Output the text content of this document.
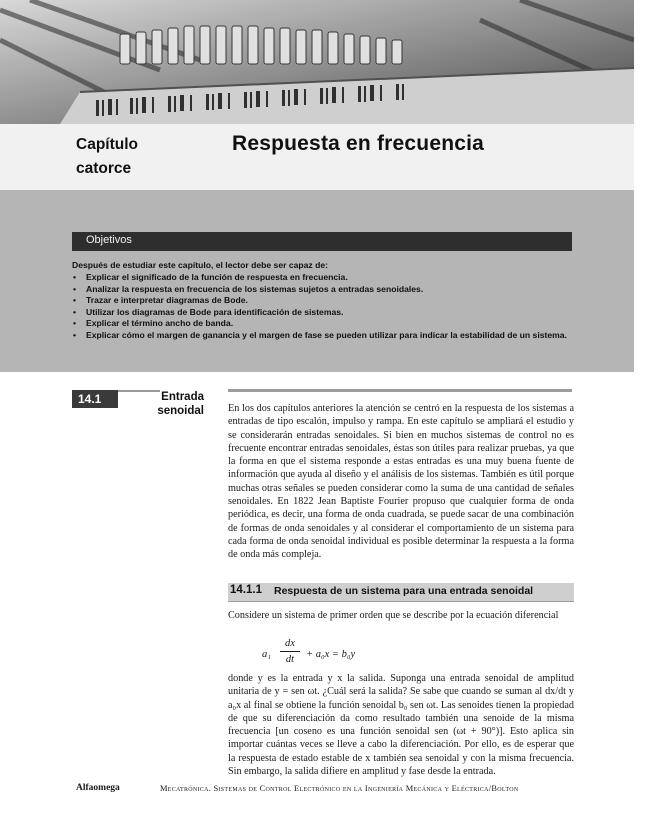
Capítulo
catorce
Respuesta en frecuencia
Objetivos
Después de estudiar este capítulo, el lector debe ser capaz de:
• Explicar el significado de la función de respuesta en frecuencia.
• Analizar la respuesta en frecuencia de los sistemas sujetos a entradas senoidales.
• Trazar e interpretar diagramas de Bode.
• Utilizar los diagramas de Bode para identificación de sistemas.
• Explicar el término ancho de banda.
• Explicar cómo el margen de ganancia y el margen de fase se pueden utilizar para indicar la estabilidad de un sistema.
14.1	Entrada
senoidal En los dos capítulos anteriores la atención se centró en la respuesta de los sistemas a entradas de tipo escalón, impulso y rampa. En este capítulo se ampliará el estudio y se considerarán entradas senoidales. Si bien en muchos sistemas de control no es frecuente encontrar entradas senoidales, éstas son útiles para realizar pruebas, ya que la forma en que el sistema responde a estas entradas es una muy buena fuente de información que ayuda al diseño y el análisis de los sistemas. También es útil porque muchas otras señales se pueden considerar como la suma de una cantidad de señales senoidales. En 1822 Jean Baptiste Fourier propuso que cualquier forma de onda periódica, es decir, una forma de onda cuadrada, se puede sacar de una combinación de formas de onda senoidales y al considerar el comportamiento de un sistema para cada forma de onda senoidal individual es posible determinar la respuesta a la forma de onda más compleja.

14.1.1 Respuesta de un sistema para una entrada senoidal

Considere un sistema de primer orden que se describe por la ecuación diferencial

a₁
dx
dt	+ a₀x = b₀y

donde y es la entrada y x la salida. Suponga una entrada senoidal de amplitud unitaria de y = sen ωt. ¿Cuál será la salida? Se sabe que cuando se suman al dx/dt y a₀x al final se obtiene la función senoidal b₀ sen ωt. Las senoides tienen la propiedad de que su diferenciación da como resultado también una senoide de la misma frecuencia [un coseno es una función senoidal sen (ωt + 90°)]. Esto aplica sin importar cuántas veces se lleve a cabo la diferenciación. Por ello, es de esperar que la respuesta de estado estable de x también sea senoidal y con la misma frecuencia. Sin embargo, la salida difiere en amplitud y fase desde la entrada.

Alfaomega	Mecatrónica. Sistemas de Control Electrónico en la Ingeniería Mecánica y Eléctrica/Bolton
